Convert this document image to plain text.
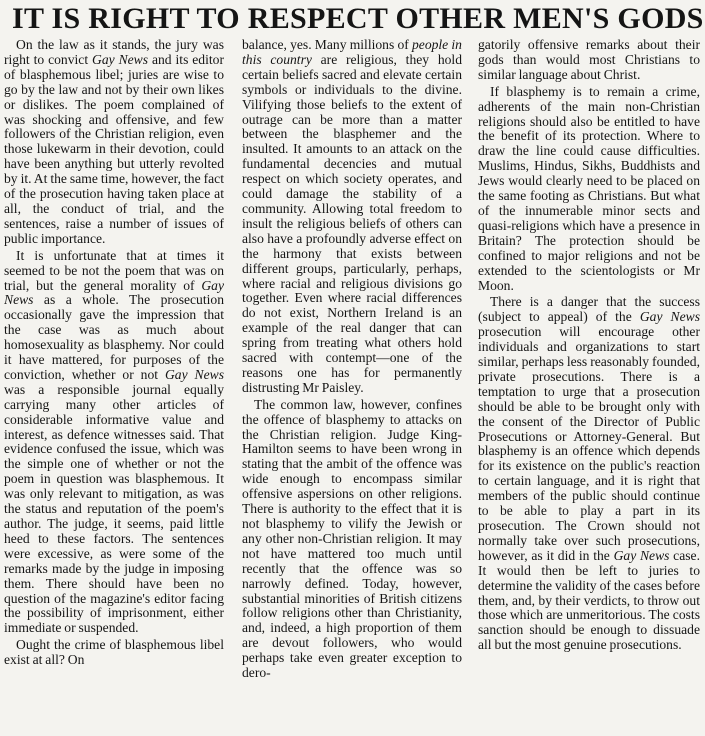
IT IS RIGHT TO RESPECT OTHER MEN'S GODS

On the law as it stands, the jury was right to convict Gay News and its editor of blasphemous libel; juries are wise to go by the law and not by their own likes or dislikes. The poem complained of was shocking and offensive, and few followers of the Christian religion, even those lukewarm in their devotion, could have been anything but utterly revolted by it. At the same time, however, the fact of the prosecution having taken place at all, the conduct of trial, and the sentences, raise a number of issues of public importance.

It is unfortunate that at times it seemed to be not the poem that was on trial, but the general morality of Gay News as a whole. The prosecution occasionally gave the impression that the case was as much about homosexuality as blasphemy. Nor could it have mattered, for purposes of the conviction, whether or not Gay News was a responsible journal equally carrying many other articles of considerable informative value and interest, as defence witnesses said. That evidence confused the issue, which was the simple one of whether or not the poem in question was blasphemous. It was only relevant to mitigation, as was the status and reputation of the poem's author. The judge, it seems, paid little heed to these factors. The sentences were excessive, as were some of the remarks made by the judge in imposing them. There should have been no question of the magazine's editor facing the possibility of imprisonment, either immediate or suspended.

Ought the crime of blasphemous libel exist at all? On

balance, yes. Many millions of people in this country are religious, they hold certain beliefs sacred and elevate certain symbols or individuals to the divine. Vilifying those beliefs to the extent of outrage can be more than a matter between the blasphemer and the insulted. It amounts to an attack on the fundamental decencies and mutual respect on which society operates, and could damage the stability of a community. Allowing total freedom to insult the religious beliefs of others can also have a profoundly adverse effect on the harmony that exists between different groups, particularly, perhaps, where racial and religious divisions go together. Even where racial differences do not exist, Northern Ireland is an example of the real danger that can spring from treating what others hold sacred with contempt—one of the reasons one has for permanently distrusting Mr Paisley.

The common law, however, confines the offence of blasphemy to attacks on the Christian religion. Judge King-Hamilton seems to have been wrong in stating that the ambit of the offence was wide enough to encompass similar offensive aspersions on other religions. There is authority to the effect that it is not blasphemy to vilify the Jewish or any other non-Christian religion. It may not have mattered too much until recently that the offence was so narrowly defined. Today, however, substantial minorities of British citizens follow religions other than Christianity, and, indeed, a high proportion of them are devout followers, who would perhaps take even greater exception to dero-

gatorily offensive remarks about their gods than would most Christians to similar language about Christ.

If blasphemy is to remain a crime, adherents of the main non-Christian religions should also be entitled to have the benefit of its protection. Where to draw the line could cause difficulties. Muslims, Hindus, Sikhs, Buddhists and Jews would clearly need to be placed on the same footing as Christians. But what of the innumerable minor sects and quasi-religions which have a presence in Britain? The protection should be confined to major religions and not be extended to the scientologists or Mr Moon.

There is a danger that the success (subject to appeal) of the Gay News prosecution will encourage other individuals and organizations to start similar, perhaps less reasonably founded, private prosecutions. There is a temptation to urge that a prosecution should be able to be brought only with the consent of the Director of Public Prosecutions or Attorney-General. But blasphemy is an offence which depends for its existence on the public's reaction to certain language, and it is right that members of the public should continue to be able to play a part in its prosecution. The Crown should not normally take over such prosecutions, however, as it did in the Gay News case. It would then be left to juries to determine the validity of the cases before them, and, by their verdicts, to throw out those which are unmeritorious. The costs sanction should be enough to dissuade all but the most genuine prosecutions.
